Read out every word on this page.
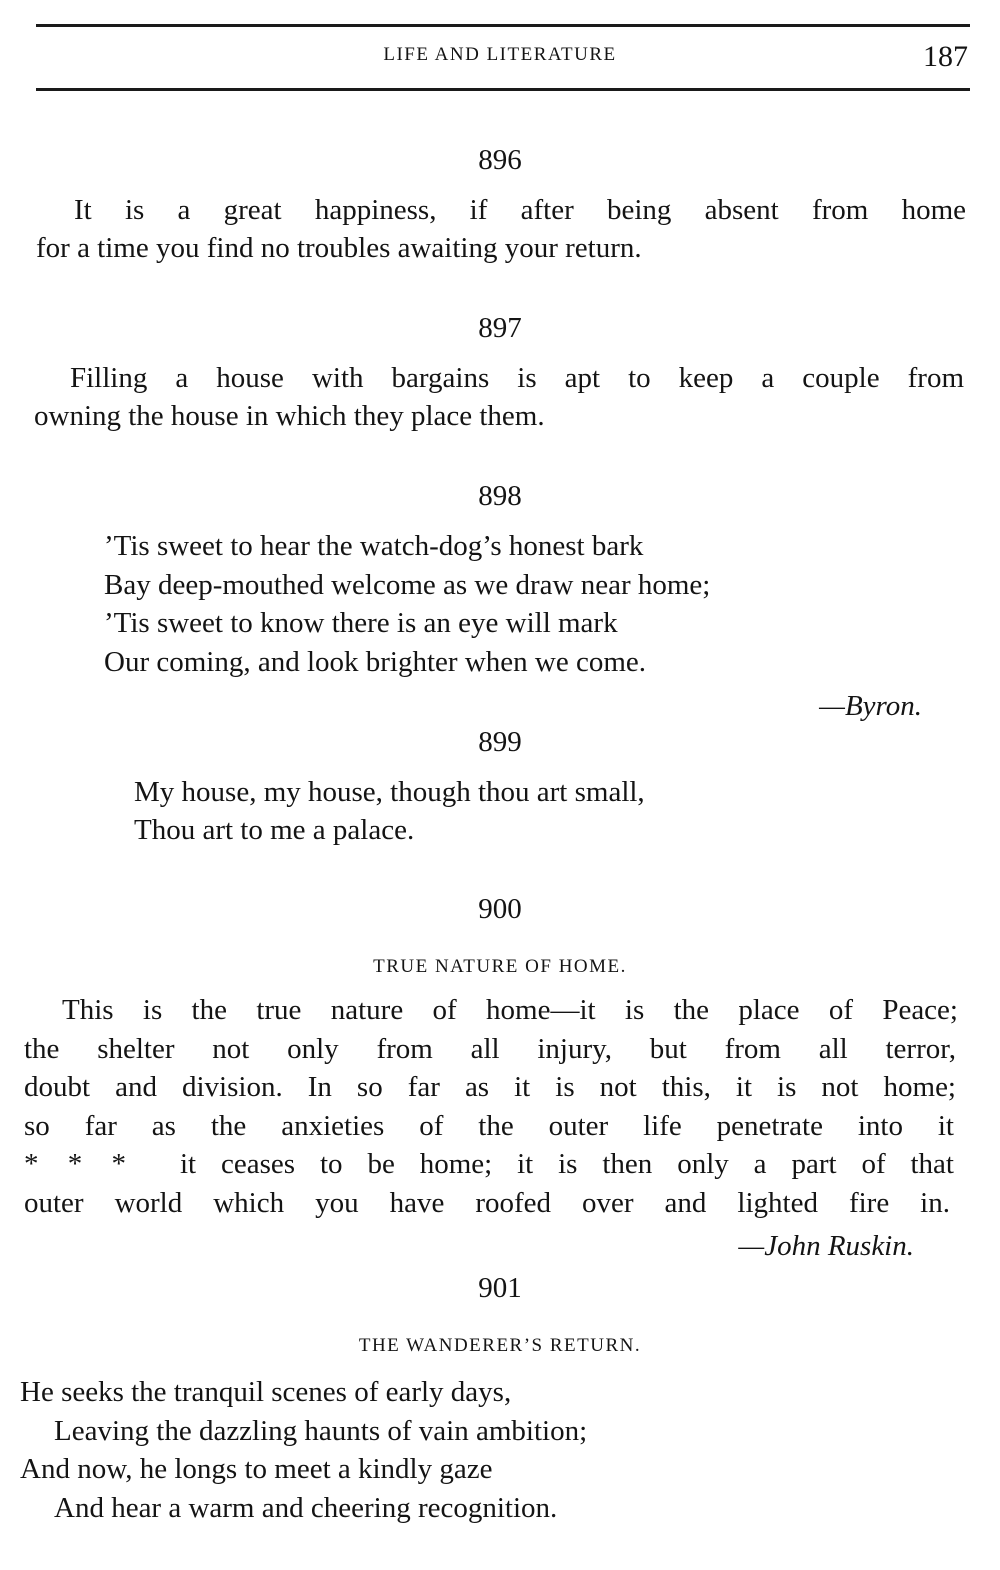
LIFE AND LITERATURE	187
896
It is a great happiness, if after being absent from home
for a time you find no troubles awaiting your return.
897
Filling a house with bargains is apt to keep a couple from
owning the house in which they place them.
898
’Tis sweet to hear the watch-dog’s honest bark
Bay deep-mouthed welcome as we draw near home;
’Tis sweet to know there is an eye will mark
Our coming, and look brighter when we come.
—Byron.
899
My house, my house, though thou art small,
Thou art to me a palace.
900
TRUE NATURE OF HOME.
This is the true nature of home—it is the place of Peace;
the shelter not only from all injury, but from all terror,
doubt and division. In so far as it is not this, it is not home;
so far as the anxieties of the outer life penetrate into it
* * * it ceases to be home; it is then only a part of that
outer world which you have roofed over and lighted fire in.
—John Ruskin.
901
THE WANDERER’S RETURN.
He seeks the tranquil scenes of early days,
Leaving the dazzling haunts of vain ambition;
And now, he longs to meet a kindly gaze
And hear a warm and cheering recognition.
